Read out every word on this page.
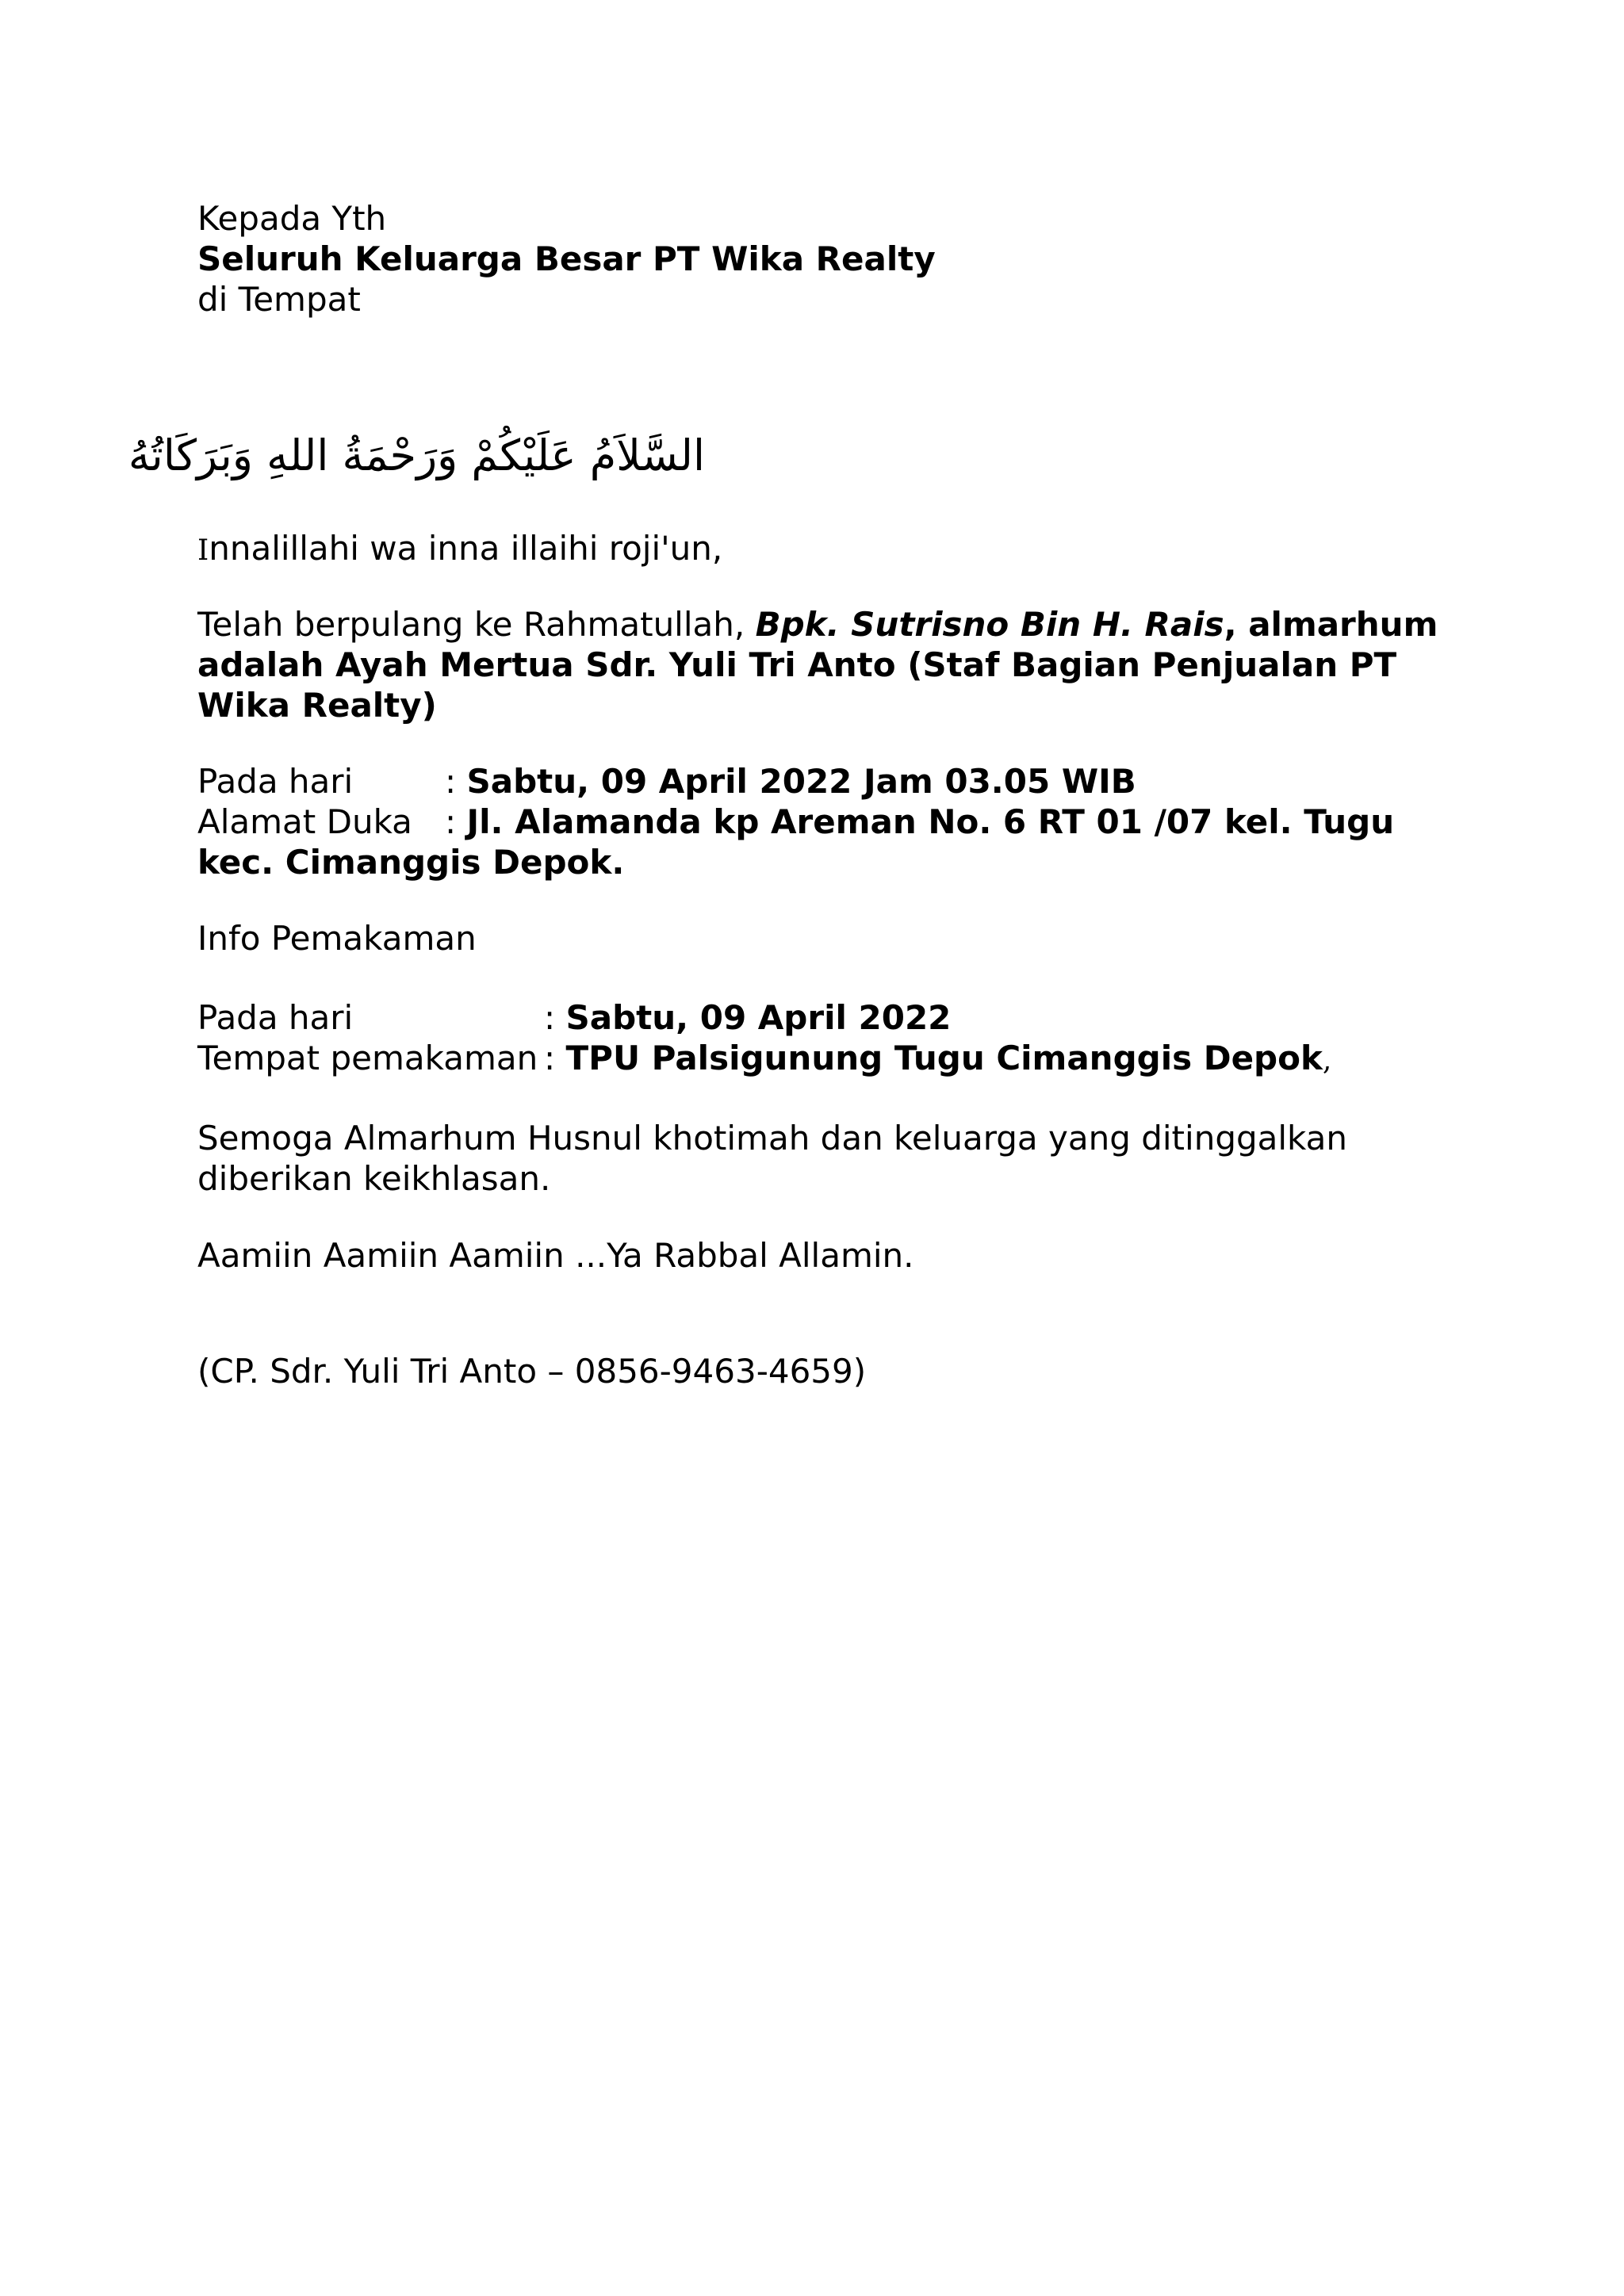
Kepada Yth
Seluruh Keluarga Besar PT Wika Realty
di Tempat
السَّلاَمُ عَلَيْكُمْ وَرَحْمَةُ اللهِ وَبَرَكَاتُهُ
Innalillahi wa inna illaihi roji'un,
Telah berpulang ke Rahmatullah, Bpk. Sutrisno Bin H. Rais, almarhum
adalah Ayah Mertua Sdr. Yuli Tri Anto (Staf Bagian Penjualan PT
Wika Realty)
Pada hari	: Sabtu, 09 April 2022 Jam 03.05 WIB
Alamat Duka : Jl. Alamanda kp Areman No. 6 RT 01 /07 kel. Tugu
kec. Cimanggis Depok.
Info Pemakaman
Pada hari	: Sabtu, 09 April 2022
Tempat pemakaman : TPU Palsigunung Tugu Cimanggis Depok,
Semoga Almarhum Husnul khotimah dan keluarga yang ditinggalkan
diberikan keikhlasan.
Aamiin Aamiin Aamiin ...Ya Rabbal Allamin.
(CP. Sdr. Yuli Tri Anto – 0856-9463-4659)
